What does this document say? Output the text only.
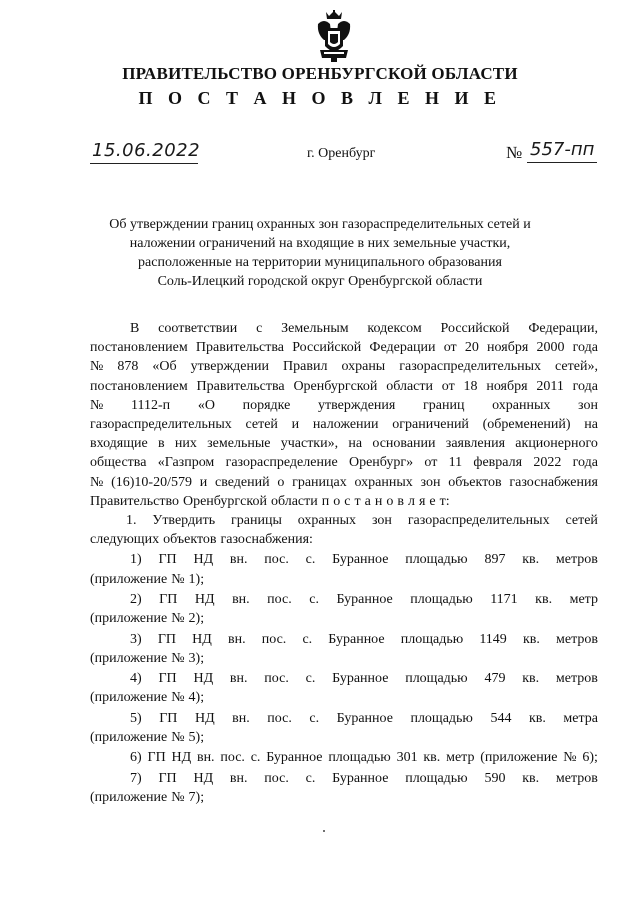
ПРАВИТЕЛЬСТВО ОРЕНБУРГСКОЙ ОБЛАСТИ
П О С Т А Н О В Л Е Н И Е
15.06.2022	г. Оренбург	№ 557-пп
Об утверждении границ охранных зон газораспределительных сетей и
наложении ограничений на входящие в них земельные участки,
расположенные на территории муниципального образования
Соль-Илецкий городской округ Оренбургской области
В соответствии с Земельным кодексом Российской Федерации,
постановлением Правительства Российской Федерации от 20 ноября 2000 года
№ 878 «Об утверждении Правил охраны газораспределительных сетей»,
постановлением Правительства Оренбургской области от 18 ноября 2011 года
№ 1112-п «О порядке утверждения границ охранных зон
газораспределительных сетей и наложении ограничений (обременений) на
входящие в них земельные участки», на основании заявления акционерного
общества «Газпром газораспределение Оренбург» от 11 февраля 2022 года
№ (16)10-20/579 и сведений о границах охранных зон объектов газоснабжения
Правительство Оренбургской области п о с т а н о в л я е т:
1. Утвердить границы охранных зон газораспределительных сетей
следующих объектов газоснабжения:
1) ГП НД вн. пос. с. Буранное площадью 897 кв. метров
(приложение № 1);
2) ГП НД вн. пос. с. Буранное площадью 1171 кв. метр
(приложение № 2);
3) ГП НД вн. пос. с. Буранное площадью 1149 кв. метров
(приложение № 3);
4) ГП НД вн. пос. с. Буранное площадью 479 кв. метров
(приложение № 4);
5) ГП НД вн. пос. с. Буранное площадью 544 кв. метра
(приложение № 5);
6) ГП НД вн. пос. с. Буранное площадью 301 кв. метр (приложение № 6);
7) ГП НД вн. пос. с. Буранное площадью 590 кв. метров
(приложение № 7);
